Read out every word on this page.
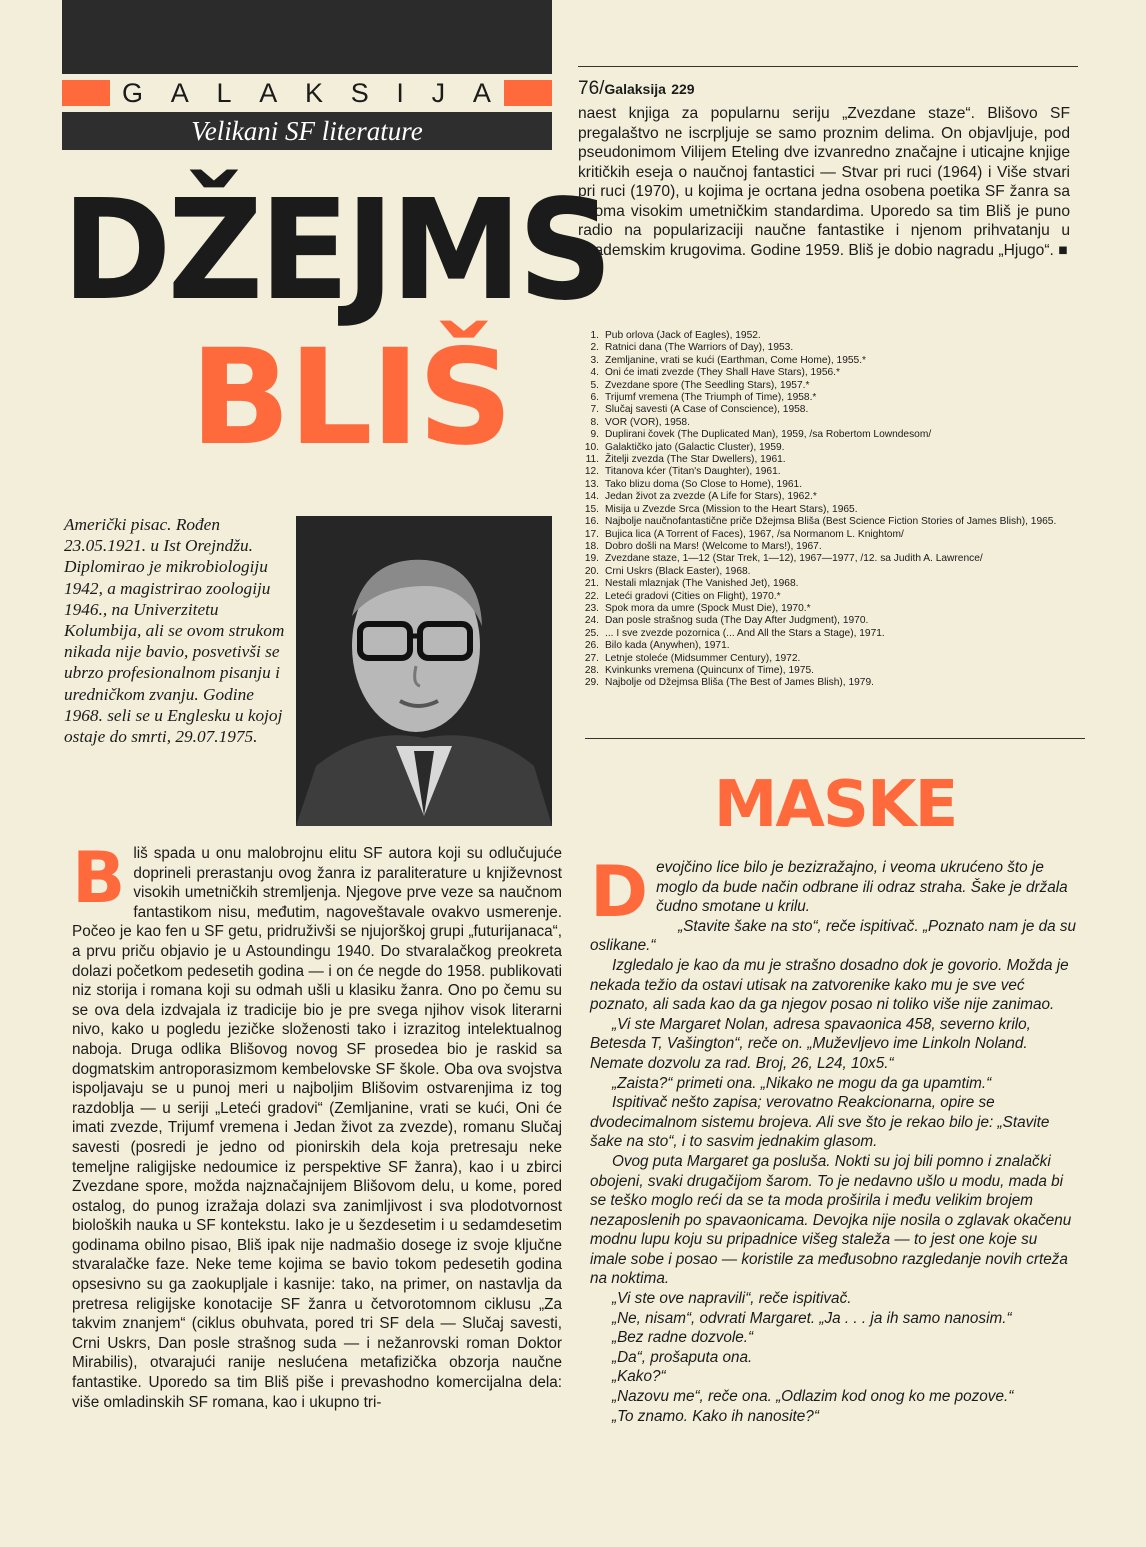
G A L A K S I J A
Velikani SF literature
DŽEJMS
BLIŠ
Američki pisac. Rođen 23.05.1921. u Ist Orejndžu. Diplomirao je mikrobiologiju 1942, a magistrirao zoologiju 1946., na Univerzitetu Kolumbija, ali se ovom strukom nikada nije bavio, posvetivši se ubrzo profesionalnom pisanju i uredničkom zvanju. Godine 1968. seli se u Englesku u kojoj ostaje do smrti, 29.07.1975.
76/Galaksija 229
naest knjiga za popularnu seriju „Zvezdane staze“. Blišovo SF pregalaštvo ne iscrpljuje se samo proznim delima. On objavljuje, pod pseudonimom Vilijem Eteling dve izvanredno značajne i uticajne knjige kritičkih eseja o naučnoj fantastici — Stvar pri ruci (1964) i Više stvari pri ruci (1970), u kojima je ocrtana jedna osobena poetika SF žanra sa veoma visokim umetničkim standardima. Uporedo sa tim Bliš je puno radio na popularizaciji naučne fantastike i njenom prihvatanju u akademskim krugovima. Godine 1959. Bliš je dobio nagradu „Hjugo“. ■
1. Pub orlova (Jack of Eagles), 1952.
2. Ratnici dana (The Warriors of Day), 1953.
3. Zemljanine, vrati se kući (Earthman, Come Home), 1955.*
4. Oni će imati zvezde (They Shall Have Stars), 1956.*
5. Zvezdane spore (The Seedling Stars), 1957.*
6. Trijumf vremena (The Triumph of Time), 1958.*
7. Slučaj savesti (A Case of Conscience), 1958.
8. VOR (VOR), 1958.
9. Duplirani čovek (The Duplicated Man), 1959, /sa Robertom Lowndesom/
10. Galaktičko jato (Galactic Cluster), 1959.
11. Žitelji zvezda (The Star Dwellers), 1961.
12. Titanova kćer (Titan's Daughter), 1961.
13. Tako blizu doma (So Close to Home), 1961.
14. Jedan život za zvezde (A Life for Stars), 1962.*
15. Misija u Zvezde Srca (Mission to the Heart Stars), 1965.
16. Najbolje naučnofantastične priče Džejmsa Bliša (Best Science Fiction Stories of James Blish), 1965.
17. Bujica lica (A Torrent of Faces), 1967, /sa Normanom L. Knightom/
18. Dobro došli na Mars! (Welcome to Mars!), 1967.
19. Zvezdane staze, 1—12 (Star Trek, 1—12), 1967—1977, /12. sa Judith A. Lawrence/
20. Crni Uskrs (Black Easter), 1968.
21. Nestali mlaznjak (The Vanished Jet), 1968.
22. Leteći gradovi (Cities on Flight), 1970.*
23. Spok mora da umre (Spock Must Die), 1970.*
24. Dan posle strašnog suda (The Day After Judgment), 1970.
25. ... I sve zvezde pozornica (... And All the Stars a Stage), 1971.
26. Bilo kada (Anywhen), 1971.
27. Letnje stoleće (Midsummer Century), 1972.
28. Kvinkunks vremena (Quincunx of Time), 1975.
29. Najbolje od Džejmsa Bliša (The Best of James Blish), 1979.
MASKE
Bliš spada u onu malobrojnu elitu SF autora koji su odlučujuće doprineli prerastanju ovog žanra iz paraliterature u književnost visokih umetničkih stremljenja. Njegove prve veze sa naučnom fantastikom nisu, međutim, nagoveštavale ovakvo usmerenje. Počeo je kao fen u SF getu, pridruživši se njujorškoj grupi „futurijanaca“, a prvu priču objavio je u Astoundingu 1940. Do stvaralačkog preokreta dolazi početkom pedesetih godina — i on će negde do 1958. publikovati niz storija i romana koji su odmah ušli u klasiku žanra. Ono po čemu su se ova dela izdvajala iz tradicije bio je pre svega njihov visok literarni nivo, kako u pogledu jezičke složenosti tako i izrazitog intelektualnog naboja. Druga odlika Blišovog novog SF prosedea bio je raskid sa dogmatskim antroporasizmom kembelovske SF škole. Oba ova svojstva ispoljavaju se u punoj meri u najboljim Blišovim ostvarenjima iz tog razdoblja — u seriji „Leteći gradovi“ (Zemljanine, vrati se kući, Oni će imati zvezde, Trijumf vremena i Jedan život za zvezde), romanu Slučaj savesti (posredi je jedno od pionirskih dela koja pretresaju neke temeljne raligijske nedoumice iz perspektive SF žanra), kao i u zbirci Zvezdane spore, možda najznačajnijem Blišovom delu, u kome, pored ostalog, do punog izražaja dolazi sva zanimljivost i sva plodotvornost bioloških nauka u SF kontekstu. Iako je u šezdesetim i u sedamdesetim godinama obilno pisao, Bliš ipak nije nadmašio dosege iz svoje ključne stvaralačke faze. Neke teme kojima se bavio tokom pedesetih godina opsesivno su ga zaokupljale i kasnije: tako, na primer, on nastavlja da pretresa religijske konotacije SF žanra u četvorotomnom ciklusu „Za takvim znanjem“ (ciklus obuhvata, pored tri SF dela — Slučaj savesti, Crni Uskrs, Dan posle strašnog suda — i nežanrovski roman Doktor Mirabilis), otvarajući ranije neslućena metafizička obzorja naučne fantastike. Uporedo sa tim Bliš piše i prevashodno komercijalna dela: više omladinskih SF romana, kao i ukupno tri-

Devojčino lice bilo je bezizražajno, i veoma ukrućeno što je moglo da bude način odbrane ili odraz straha. Šake je držala čudno smotane u krilu.

„Stavite šake na sto“, reče ispitivač. „Poznato nam je da su oslikane.“

Izgledalo je kao da mu je strašno dosadno dok je govorio. Možda je nekada težio da ostavi utisak na zatvorenike kako mu je sve već poznato, ali sada kao da ga njegov posao ni toliko više nije zanimao.

„Vi ste Margaret Nolan, adresa spavaonica 458, severno krilo, Betesda T, Vašington“, reče on. „Muževljevo ime Linkoln Noland. Nemate dozvolu za rad. Broj, 26, L24, 10x5.“

„Zaista?“ primeti ona. „Nikako ne mogu da ga upamtim.“

Ispitivač nešto zapisa; verovatno Reakcionarna, opire se dvodecimalnom sistemu brojeva. Ali sve što je rekao bilo je: „Stavite šake na sto“, i to sasvim jednakim glasom.

Ovog puta Margaret ga posluša. Nokti su joj bili pomno i znalački obojeni, svaki drugačijom šarom. To je nedavno ušlo u modu, mada bi se teško moglo reći da se ta moda proširila i među velikim brojem nezaposlenih po spavaonicama. Devojka nije nosila o zglavak okačenu modnu lupu koju su pripadnice višeg staleža — to jest one koje su imale sobe i posao — koristile za međusobno razgledanje novih crteža na noktima.

„Vi ste ove napravili“, reče ispitivač.

„Ne, nisam“, odvrati Margaret. „Ja . . . ja ih samo nanosim.“

„Bez radne dozvole.“

„Da“, prošaputa ona.

„Kako?“

„Nazovu me“, reče ona. „Odlazim kod onog ko me pozove.“

„To znamo. Kako ih nanosite?“
